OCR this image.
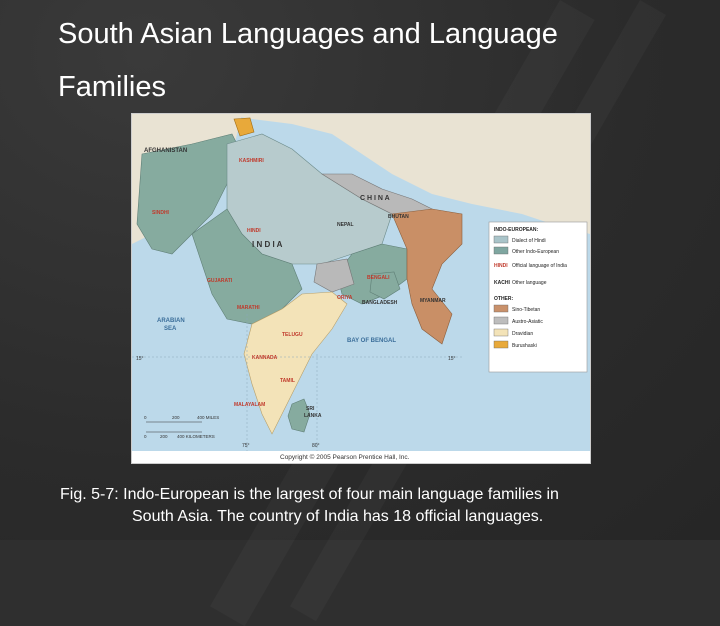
South Asian Languages and Language
Families
AFGHANISTAN
C H I N A
I N D I A
NEPAL
BHUTAN
BANGLADESH	MYANMAR
HINDI
TELUGU
ORIYA
MARATHI
GUJARATI
KANNADA
TAMIL
MALAYALAM
BENGALI
KASHMIRI
SINDHI
ARABIAN
SEA
BAY OF BENGAL
SRI
LANKA
15°	15°
75°	80°
0	200	400 MILES
0	200 400 KILOMETERS
INDO-EUROPEAN:
Dialect of Hindi
Other Indo-European
HINDI Official language of India
KACHI Other language
OTHER:
Sino-Tibetan
Austro-Asiatic
Dravidian
Burushaski
Copyright © 2005 Pearson Prentice Hall, Inc.
Fig. 5-7: Indo-European is the largest of four main language families in
South Asia. The country of India has 18 official languages.
